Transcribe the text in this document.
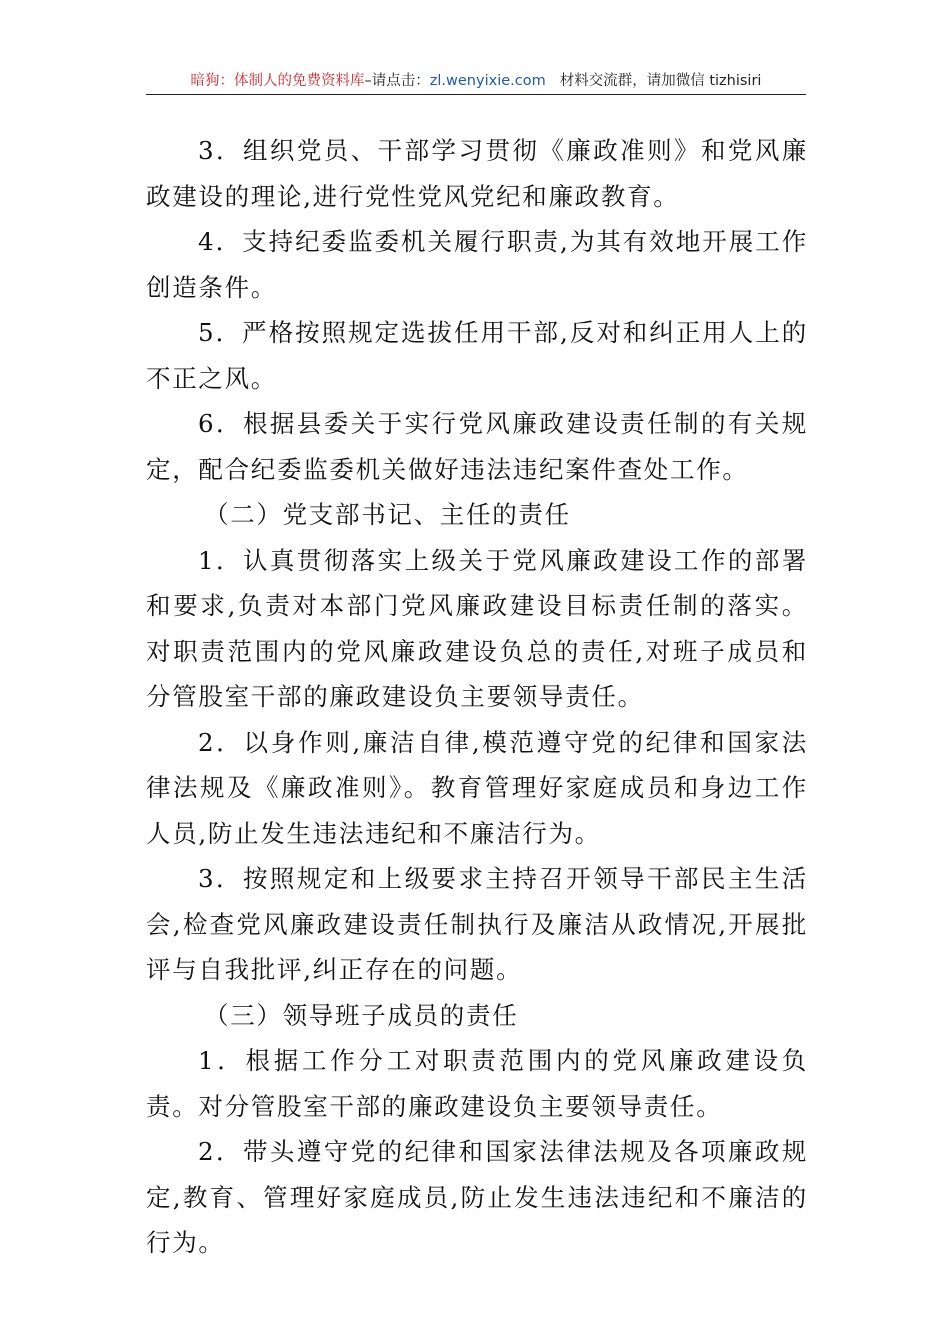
暗狗：体制人的免费资料库–请点击：zl.wenyixie.com 材料交流群，请加微信 tizhisiri

3．组织党员、干部学习贯彻《廉政准则》和党风廉政建设的理论,进行党性党风党纪和廉政教育。

4．支持纪委监委机关履行职责,为其有效地开展工作创造条件。

5．严格按照规定选拔任用干部,反对和纠正用人上的不正之风。

6．根据县委关于实行党风廉政建设责任制的有关规定，配合纪委监委机关做好违法违纪案件查处工作。

（二）党支部书记、主任的责任

1．认真贯彻落实上级关于党风廉政建设工作的部署和要求,负责对本部门党风廉政建设目标责任制的落实。对职责范围内的党风廉政建设负总的责任,对班子成员和分管股室干部的廉政建设负主要领导责任。

2．以身作则,廉洁自律,模范遵守党的纪律和国家法律法规及《廉政准则》。教育管理好家庭成员和身边工作人员,防止发生违法违纪和不廉洁行为。

3．按照规定和上级要求主持召开领导干部民主生活会,检查党风廉政建设责任制执行及廉洁从政情况,开展批评与自我批评,纠正存在的问题。

（三）领导班子成员的责任

1．根据工作分工对职责范围内的党风廉政建设负责。对分管股室干部的廉政建设负主要领导责任。

2．带头遵守党的纪律和国家法律法规及各项廉政规定,教育、管理好家庭成员,防止发生违法违纪和不廉洁的行为。
